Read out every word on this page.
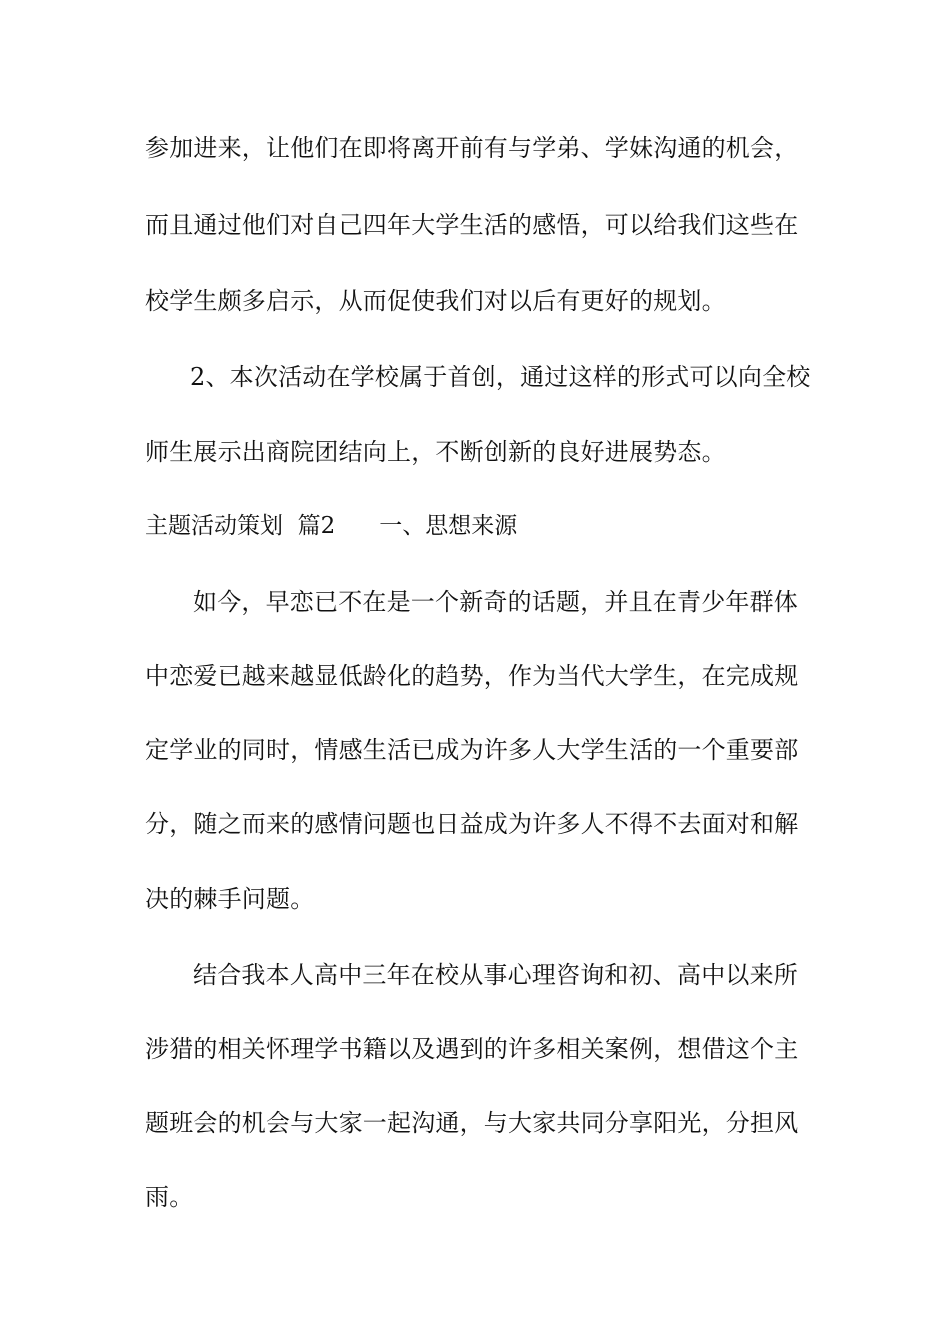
参加进来，让他们在即将离开前有与学弟、学妹沟通的机会，
而且通过他们对自己四年大学生活的感悟，可以给我们这些在
校学生颇多启示，从而促使我们对以后有更好的规划。
2、本次活动在学校属于首创，通过这样的形式可以向全校
师生展示出商院团结向上，不断创新的良好进展势态。
主题活动策划  篇2 一、思想来源
如今，早恋已不在是一个新奇的话题，并且在青少年群体
中恋爱已越来越显低龄化的趋势，作为当代大学生，在完成规
定学业的同时，情感生活已成为许多人大学生活的一个重要部
分，随之而来的感情问题也日益成为许多人不得不去面对和解
决的棘手问题。
结合我本人高中三年在校从事心理咨询和初、高中以来所
涉猎的相关怀理学书籍以及遇到的许多相关案例，想借这个主
题班会的机会与大家一起沟通，与大家共同分享阳光，分担风
雨。
